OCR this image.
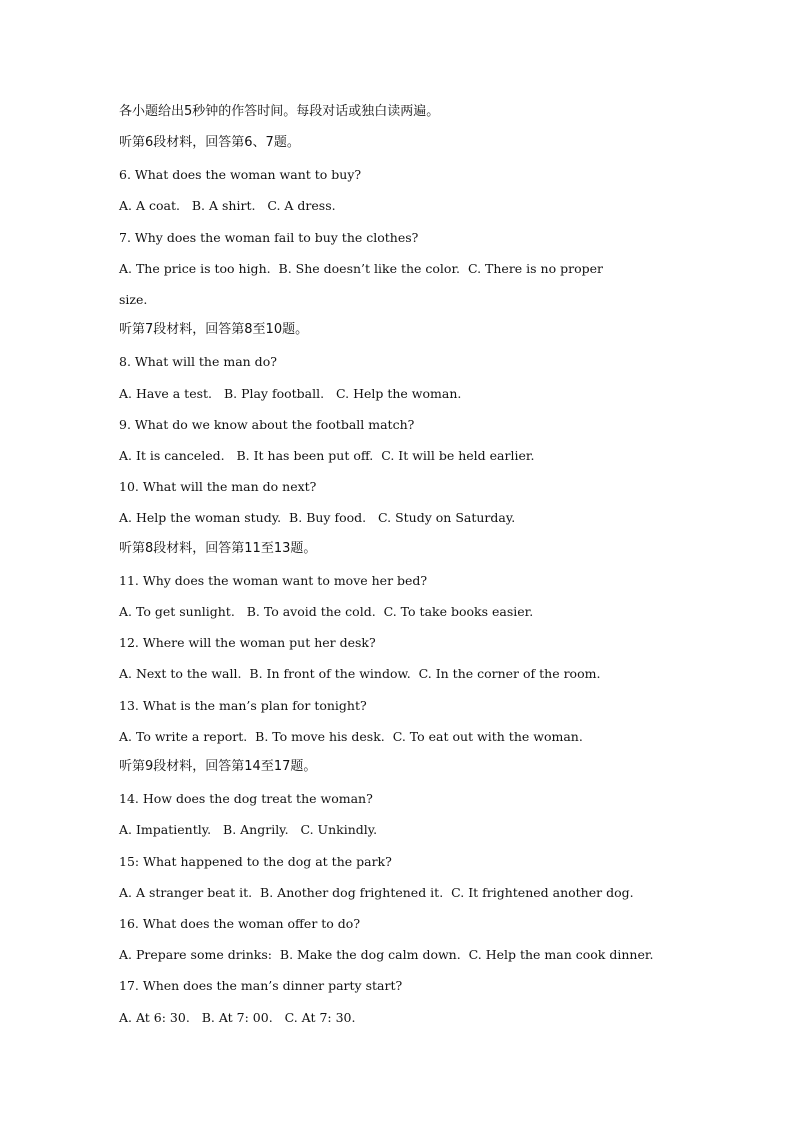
各小题给出5秒钟的作答时间。每段对话或独白读两遍。
听第6段材料，回答第6、7题。
6. What does the woman want to buy?
A. A coat.   B. A shirt.   C. A dress.
7. Why does the woman fail to buy the clothes?
A. The price is too high.  B. She doesn’t like the color.  C. There is no proper
size.
听第7段材料，回答第8至10题。
8. What will the man do?
A. Have a test.   B. Play football.   C. Help the woman.
9. What do we know about the football match?
A. It is canceled.   B. It has been put off.  C. It will be held earlier.
10. What will the man do next?
A. Help the woman study.  B. Buy food.   C. Study on Saturday.
听第8段材料，回答第11至13题。
11. Why does the woman want to move her bed?
A. To get sunlight.   B. To avoid the cold.  C. To take books easier.
12. Where will the woman put her desk?
A. Next to the wall.  B. In front of the window.  C. In the corner of the room.
13. What is the man’s plan for tonight?
A. To write a report.  B. To move his desk.  C. To eat out with the woman.
听第9段材料，回答第14至17题。
14. How does the dog treat the woman?
A. Impatiently.   B. Angrily.   C. Unkindly.
15: What happened to the dog at the park?
A. A stranger beat it.  B. Another dog frightened it.  C. It frightened another dog.
16. What does the woman offer to do?
A. Prepare some drinks:  B. Make the dog calm down.  C. Help the man cook dinner.
17. When does the man’s dinner party start?
A. At 6: 30.   B. At 7: 00.   C. At 7: 30.
